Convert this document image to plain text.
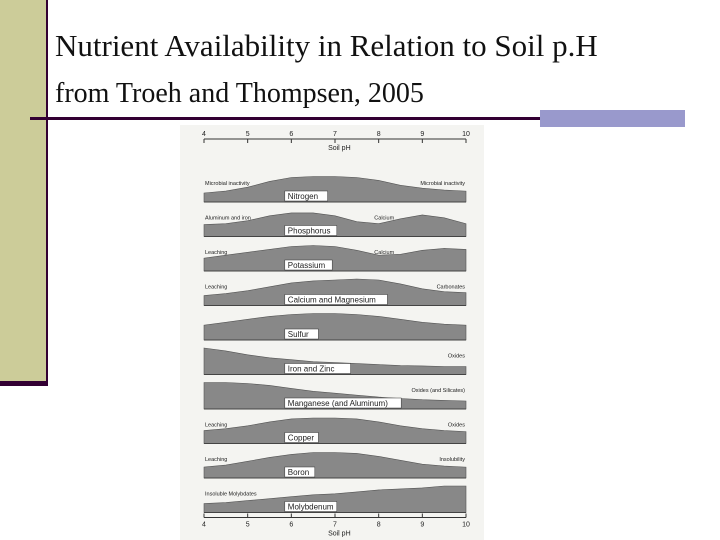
Nutrient Availability in Relation to Soil p.H
from Troeh and Thompsen, 2005
4	5	6	7	8	9	10
Soil pH
Nitrogen
Microbial inactivity	Microbial inactivity
Phosphorus
Aluminum and iron	Calcium
Potassium
Leaching	Calcium
Calcium and Magnesium
Leaching	Carbonates
Sulfur
Iron and Zinc
Oxides
Manganese (and Aluminum)
Oxides (and Silicates)
Copper
Leaching	Oxides
Boron
Leaching	Insolubility
Molybdenum
Insoluble Molybdates
4	5	6	7	8	9	10
Soil pH
